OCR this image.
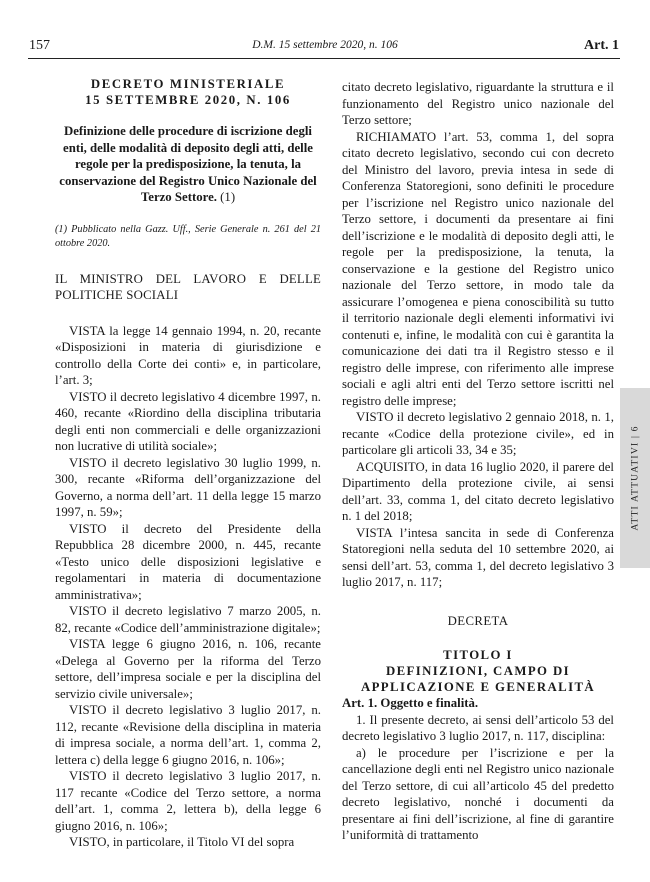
157	D.M. 15 settembre 2020, n. 106	Art. 1
ATTI ATTUATIVI | 6
DECRETO MINISTERIALE
15 SETTEMBRE 2020, N. 106
Definizione delle procedure di iscrizione degli enti, delle modalità di deposito degli atti, delle regole per la predisposizione, la tenuta, la conservazione del Registro Unico Nazionale del Terzo Settore. (1)
(1) Pubblicato nella Gazz. Uff., Serie Generale n. 261 del 21 ottobre 2020.
IL MINISTRO DEL LAVORO E DELLE POLITICHE SOCIALI

VISTA la legge 14 gennaio 1994, n. 20, recante «Disposizioni in materia di giurisdizione e controllo della Corte dei conti» e, in particolare, l’art. 3;

VISTO il decreto legislativo 4 dicembre 1997, n. 460, recante «Riordino della disciplina tributaria degli enti non commerciali e delle organizzazioni non lucrative di utilità sociale»;

VISTO il decreto legislativo 30 luglio 1999, n. 300, recante «Riforma dell’organizzazione del Governo, a norma dell’art. 11 della legge 15 marzo 1997, n. 59»;

VISTO il decreto del Presidente della Repubblica 28 dicembre 2000, n. 445, recante «Testo unico delle disposizioni legislative e regolamentari in materia di documentazione amministrativa»;

VISTO il decreto legislativo 7 marzo 2005, n. 82, recante «Codice dell’amministrazione digitale»;

VISTA legge 6 giugno 2016, n. 106, recante «Delega al Governo per la riforma del Terzo settore, dell’impresa sociale e per la disciplina del servizio civile universale»;

VISTO il decreto legislativo 3 luglio 2017, n. 112, recante «Revisione della disciplina in materia di impresa sociale, a norma dell’art. 1, comma 2, lettera c) della legge 6 giugno 2016, n. 106»;

VISTO il decreto legislativo 3 luglio 2017, n. 117 recante «Codice del Terzo settore, a norma dell’art. 1, comma 2, lettera b), della legge 6 giugno 2016, n. 106»;

VISTO, in particolare, il Titolo VI del sopra

citato decreto legislativo, riguardante la struttura e il funzionamento del Registro unico nazionale del Terzo settore;

RICHIAMATO l’art. 53, comma 1, del sopra citato decreto legislativo, secondo cui con decreto del Ministro del lavoro, previa intesa in sede di Conferenza Statoregioni, sono definiti le procedure per l’iscrizione nel Registro unico nazionale del Terzo settore, i documenti da presentare ai fini dell’iscrizione e le modalità di deposito degli atti, le regole per la predisposizione, la tenuta, la conservazione e la gestione del Registro unico nazionale del Terzo settore, in modo tale da assicurare l’omogenea e piena conoscibilità su tutto il territorio nazionale degli elementi informativi ivi contenuti e, infine, le modalità con cui è garantita la comunicazione dei dati tra il Registro stesso e il registro delle imprese, con riferimento alle imprese sociali e agli altri enti del Terzo settore iscritti nel registro delle imprese;

VISTO il decreto legislativo 2 gennaio 2018, n. 1, recante «Codice della protezione civile», ed in particolare gli articoli 33, 34 e 35;

ACQUISITO, in data 16 luglio 2020, il parere del Dipartimento della protezione civile, ai sensi dell’art. 33, comma 1, del citato decreto legislativo n. 1 del 2018;

VISTA l’intesa sancita in sede di Conferenza Statoregioni nella seduta del 10 settembre 2020, ai sensi dell’art. 53, comma 1, del decreto legislativo 3 luglio 2017, n. 117;

DECRETA
TITOLO I
DEFINIZIONI, CAMPO DI
APPLICAZIONE E GENERALITÀ

Art. 1. Oggetto e finalità.

1. Il presente decreto, ai sensi dell’articolo 53 del decreto legislativo 3 luglio 2017, n. 117, disciplina:

a) le procedure per l’iscrizione e per la cancellazione degli enti nel Registro unico nazionale del Terzo settore, di cui all’articolo 45 del predetto decreto legislativo, nonché i documenti da presentare ai fini dell’iscrizione, al fine di garantire l’uniformità di trattamento
